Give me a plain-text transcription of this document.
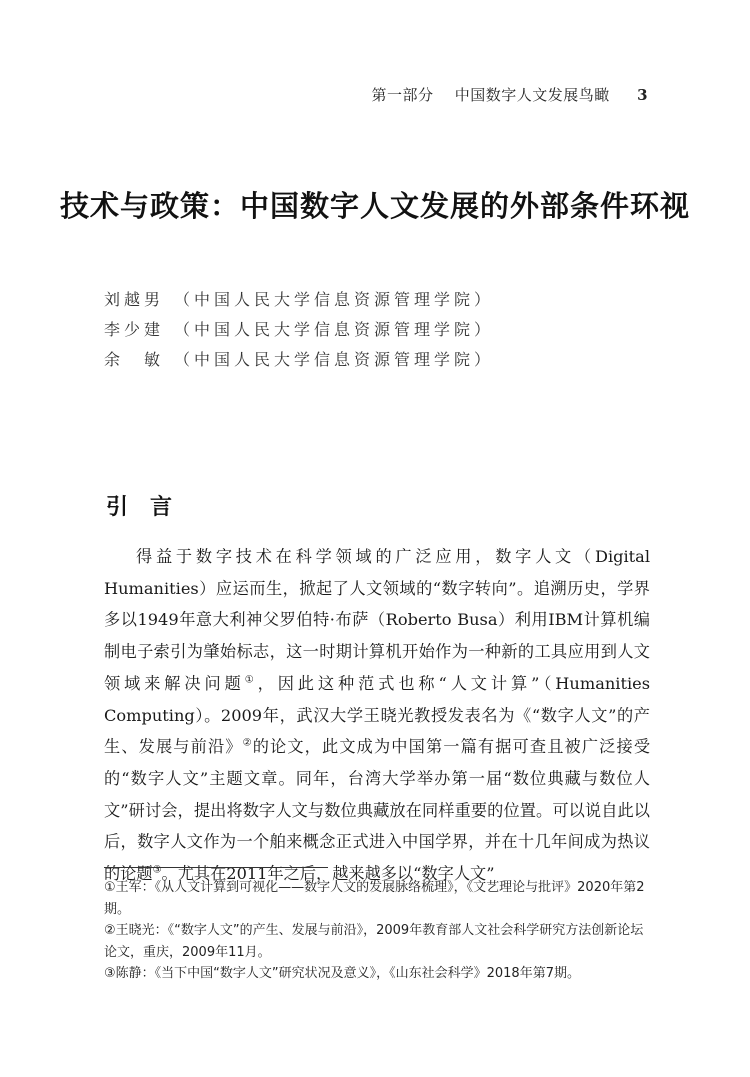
第一部分 中国数字人文发展鸟瞰 3
技术与政策：中国数字人文发展的外部条件环视
刘越男 （中国人民大学信息资源管理学院）
李少建 （中国人民大学信息资源管理学院）
余　敏 （中国人民大学信息资源管理学院）
引言
得益于数字技术在科学领域的广泛应用，数字人文（Digital Humanities）应运而生，掀起了人文领域的“数字转向”。追溯历史，学界多以1949年意大利神父罗伯特·布萨（Roberto Busa）利用IBM计算机编制电子索引为肇始标志，这一时期计算机开始作为一种新的工具应用到人文领域来解决问题①，因此这种范式也称“人文计算”（Humanities Computing）。2009年，武汉大学王晓光教授发表名为《“数字人文”的产生、发展与前沿》②的论文，此文成为中国第一篇有据可查且被广泛接受的“数字人文”主题文章。同年，台湾大学举办第一届“数位典藏与数位人文”研讨会，提出将数字人文与数位典藏放在同样重要的位置。可以说自此以后，数字人文作为一个舶来概念正式进入中国学界，并在十几年间成为热议的论题③。尤其在2011年之后，越来越多以“数字人文”

①王军：《从人文计算到可视化——数字人文的发展脉络梳理》，《文艺理论与批评》2020年第2期。

②王晓光：《“数字人文”的产生、发展与前沿》，2009年教育部人文社会科学研究方法创新论坛论文，重庆，2009年11月。

③陈静：《当下中国“数字人文”研究状况及意义》，《山东社会科学》2018年第7期。
